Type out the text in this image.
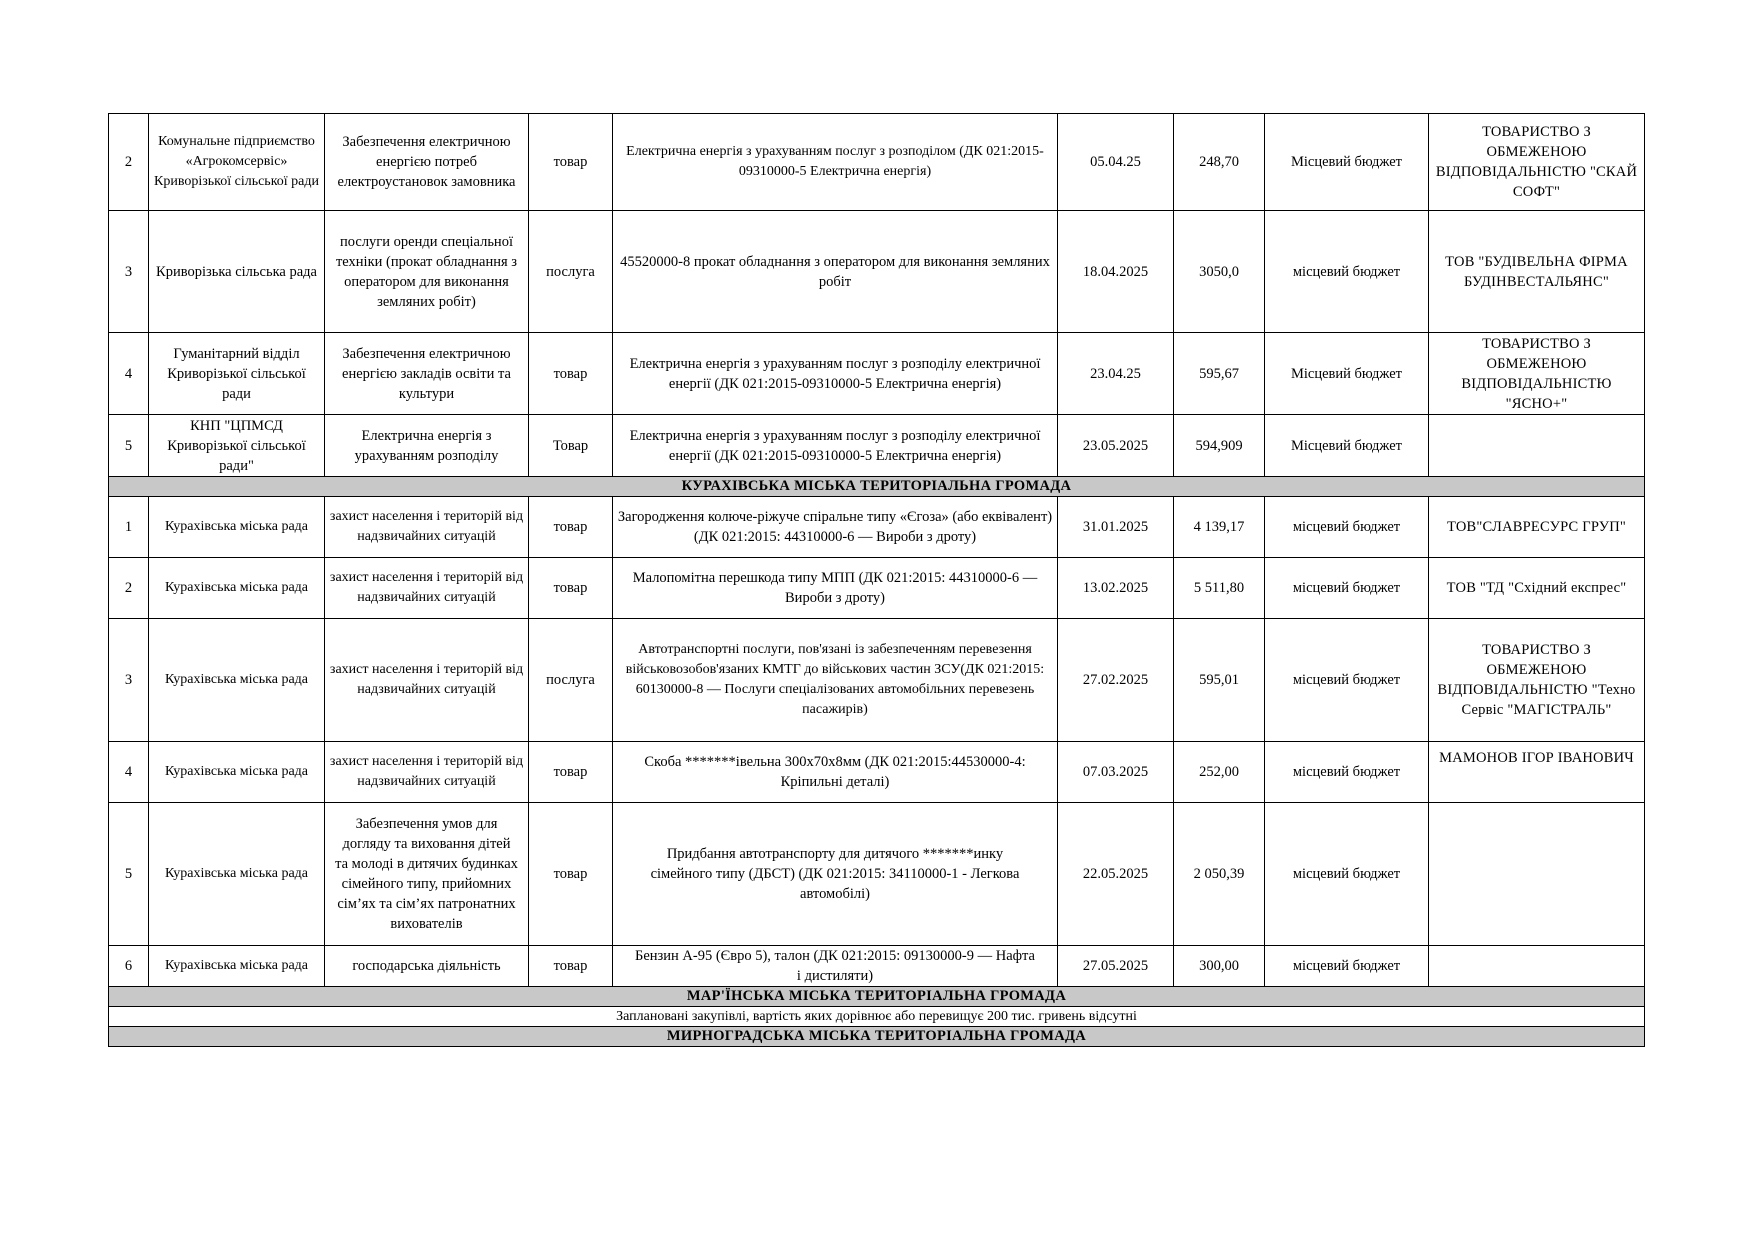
2	Комунальне підприємство «Агрокомсервіс» Криворізької сільської ради	Забезпечення електричною енергією потреб електроустановок замовника	товар	Електрична енергія з урахуванням послуг з розподілом (ДК 021:2015-09310000-5 Електрична енергія)	05.04.25	248,70	Місцевий бюджет	ТОВАРИСТВО З ОБМЕЖЕНОЮ ВІДПОВІДАЛЬНІСТЮ "СКАЙ СОФТ"
3	Криворізька сільська рада	послуги оренди спеціальної техніки (прокат обладнання з оператором для виконання земляних робіт)	послуга	45520000-8 прокат обладнання з оператором для виконання земляних робіт	18.04.2025	3050,0	місцевий бюджет	ТОВ "БУДІВЕЛЬНА ФІРМА БУДІНВЕСТАЛЬЯНС"
4	Гуманітарний відділ Криворізької сільської ради	Забезпечення електричною енергією закладів освіти та культури	товар	Електрична енергія з урахуванням послуг з розподілу електричної енергії (ДК 021:2015-09310000-5 Електрична енергія)	23.04.25	595,67	Місцевий бюджет	ТОВАРИСТВО З ОБМЕЖЕНОЮ ВІДПОВІДАЛЬНІСТЮ "ЯСНО+"
5	КНП "ЦПМСД Криворізької сільської ради"	Електрична енергія з урахуванням розподілу	Товар	Електрична енергія з урахуванням послуг з розподілу електричної енергії (ДК 021:2015-09310000-5 Електрична енергія)	23.05.2025	594,909	Місцевий бюджет	
КУРАХІВСЬКА МІСЬКА ТЕРИТОРІАЛЬНА ГРОМАДА								
1	Курахівська міська рада	захист населення і територій від надзвичайних ситуацій	товар	Загородження колюче-ріжуче спіральне типу «Єгоза» (або еквівалент) (ДК 021:2015: 44310000-6 — Вироби з дроту)	31.01.2025	4 139,17	місцевий бюджет	ТОВ"СЛАВРЕСУРС ГРУП"
2	Курахівська міська рада	захист населення і територій від надзвичайних ситуацій	товар	Малопомітна перешкода типу МПП (ДК 021:2015: 44310000-6 — Вироби з дроту)	13.02.2025	5 511,80	місцевий бюджет	ТОВ "ТД "Східний експрес"
3	Курахівська міська рада	захист населення і територій від надзвичайних ситуацій	послуга	Автотранспортні послуги, пов'язані із забезпеченням перевезення військовозобов'язаних КМТГ до військових частин ЗСУ(ДК 021:2015: 60130000-8 — Послуги спеціалізованих автомобільних перевезень пасажирів)	27.02.2025	595,01	місцевий бюджет	ТОВАРИСТВО З ОБМЕЖЕНОЮ ВІДПОВІДАЛЬНІСТЮ "Техно Сервіс "МАГІСТРАЛЬ"
4	Курахівська міська рада	захист населення і територій від надзвичайних ситуацій	товар	Скоба *******івельна 300х70х8мм (ДК 021:2015:44530000-4: Кріпильні деталі)	07.03.2025	252,00	місцевий бюджет	МАМОНОВ ІГОР ІВАНОВИЧ
5	Курахівська міська рада	Забезпечення умов для догляду та виховання дітей та молоді в дитячих будинках сімейного типу, прийомних сім’ях та сім’ях патронатних вихователів	товар	Придбання автотранспорту для дитячого *******инку сімейного типу (ДБСТ) (ДК 021:2015: 34110000-1 - Легкова автомобілі)	22.05.2025	2 050,39	місцевий бюджет	
6	Курахівська міська рада	господарська діяльність	товар	Бензин А-95 (Євро 5), талон (ДК 021:2015: 09130000-9 — Нафта і дистиляти)	27.05.2025	300,00	місцевий бюджет	
МАР'ЇНСЬКА МІСЬКА ТЕРИТОРІАЛЬНА ГРОМАДА								
Заплановані закупівлі, вартість яких дорівнює або перевищує 200 тис. гривень відсутні								
МИРНОГРАДСЬКА МІСЬКА ТЕРИТОРІАЛЬНА ГРОМАДА								
